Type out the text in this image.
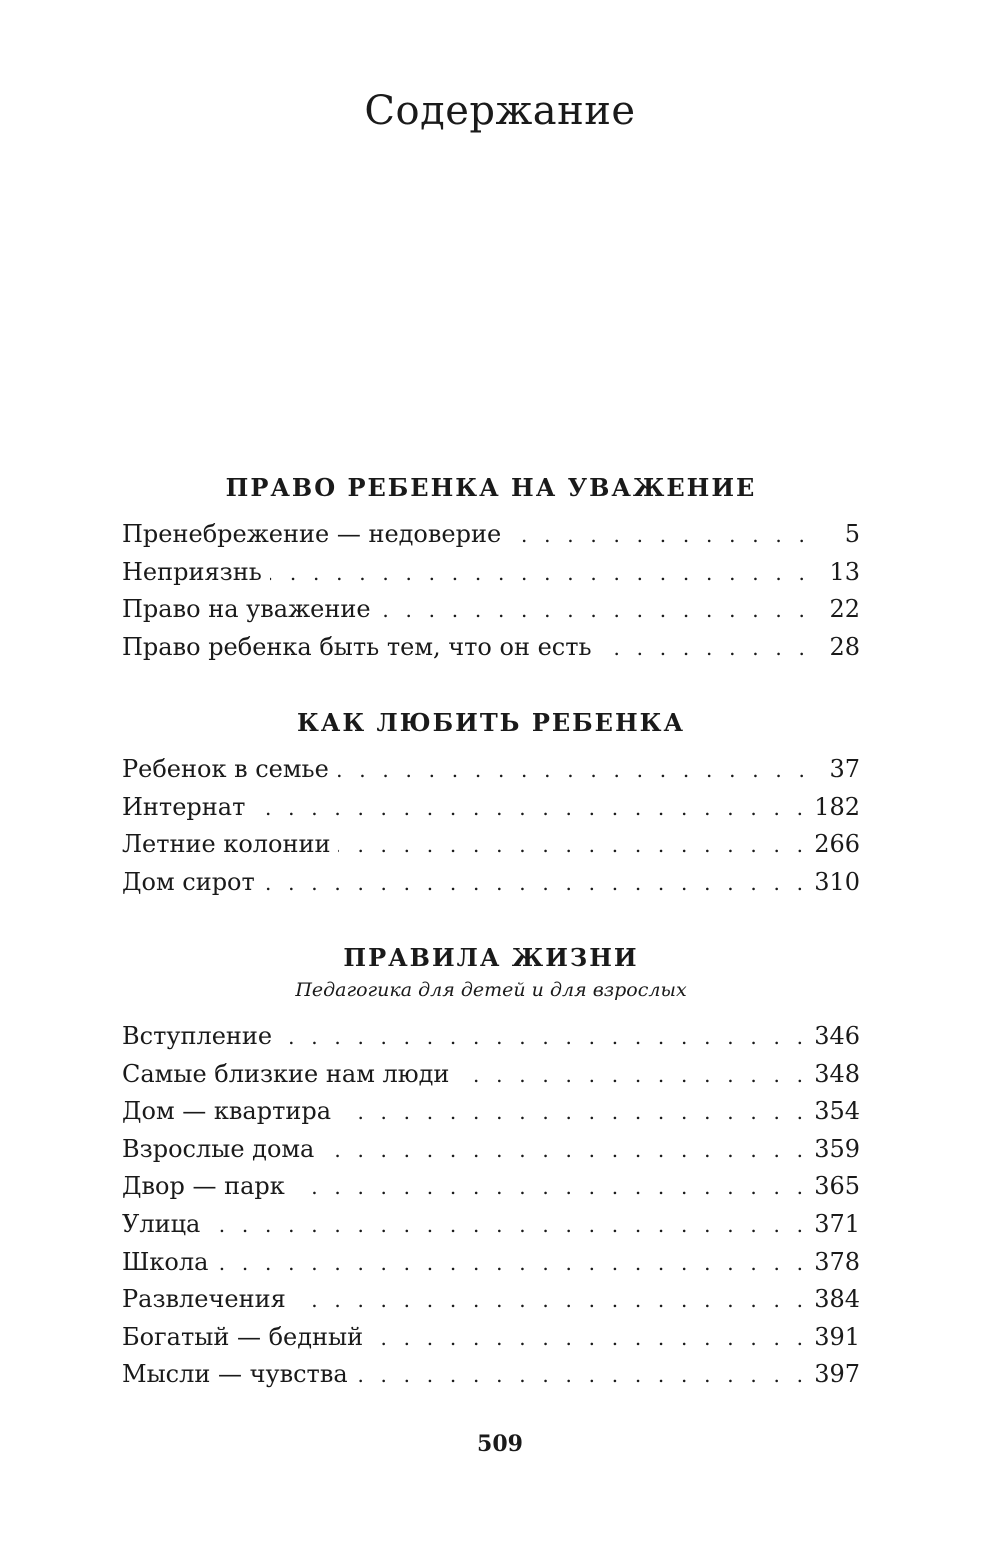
Содержание
ПРАВО РЕБЕНКА НА УВАЖЕНИЕ
Пренебрежение — недоверие . . .	5
Неприязнь . . .	13
Право на уважение . . .	22
Право ребенка быть тем, что он есть . . .	28
КАК ЛЮБИТЬ РЕБЕНКА
Ребенок в семье . . .	37
Интернат . . .	182
Летние колонии . . .	266
Дом сирот . . .	310
ПРАВИЛА ЖИЗНИ

Педагогика для детей и для взрослых

Вступление . . .	346
Самые близкие нам люди . . .	348
Дом — квартира . . .	354
Взрослые дома . . .	359
Двор — парк . . .	365
Улица . . .	371
Школа . . .	378
Развлечения . . .	384
Богатый — бедный . . .	391
Мысли — чувства . . .	397
509
